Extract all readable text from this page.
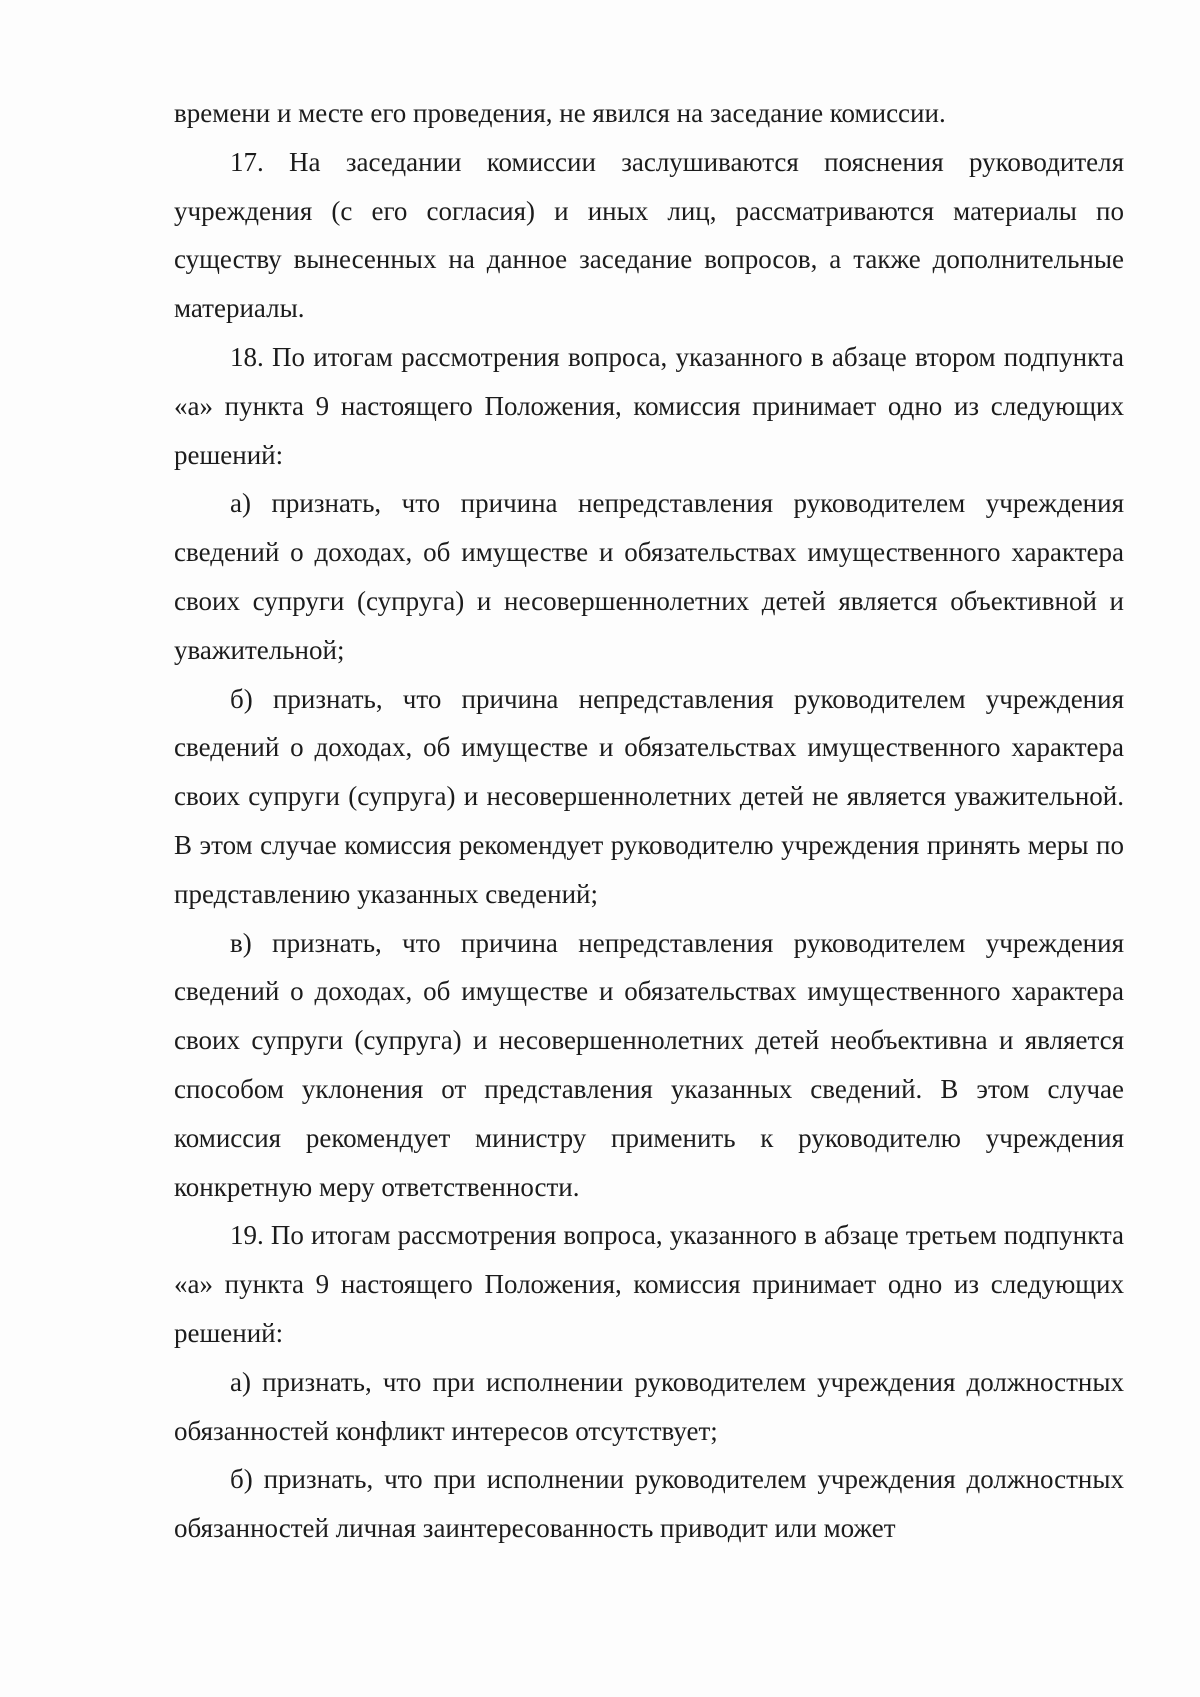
времени и месте его проведения, не явился на заседание комиссии.

17. На заседании комиссии заслушиваются пояснения руководителя учреждения (с его согласия) и иных лиц, рассматриваются материалы по существу вынесенных на данное заседание вопросов, а также дополнительные материалы.

18. По итогам рассмотрения вопроса, указанного в абзаце втором подпункта «а» пункта 9 настоящего Положения, комиссия принимает одно из следующих решений:

а) признать, что причина непредставления руководителем учреждения сведений о доходах, об имуществе и обязательствах имущественного характера своих супруги (супруга) и несовершеннолетних детей является объективной и уважительной;

б) признать, что причина непредставления руководителем учреждения сведений о доходах, об имуществе и обязательствах имущественного характера своих супруги (супруга) и несовершеннолетних детей не является уважительной. В этом случае комиссия рекомендует руководителю учреждения принять меры по представлению указанных сведений;

в) признать, что причина непредставления руководителем учреждения сведений о доходах, об имуществе и обязательствах имущественного характера своих супруги (супруга) и несовершеннолетних детей необъективна и является способом уклонения от представления указанных сведений. В этом случае комиссия рекомендует министру применить к руководителю учреждения конкретную меру ответственности.

19. По итогам рассмотрения вопроса, указанного в абзаце третьем подпункта «а» пункта 9 настоящего Положения, комиссия принимает одно из следующих решений:

а) признать, что при исполнении руководителем учреждения должностных обязанностей конфликт интересов отсутствует;

б) признать, что при исполнении руководителем учреждения должностных обязанностей личная заинтересованность приводит или может
